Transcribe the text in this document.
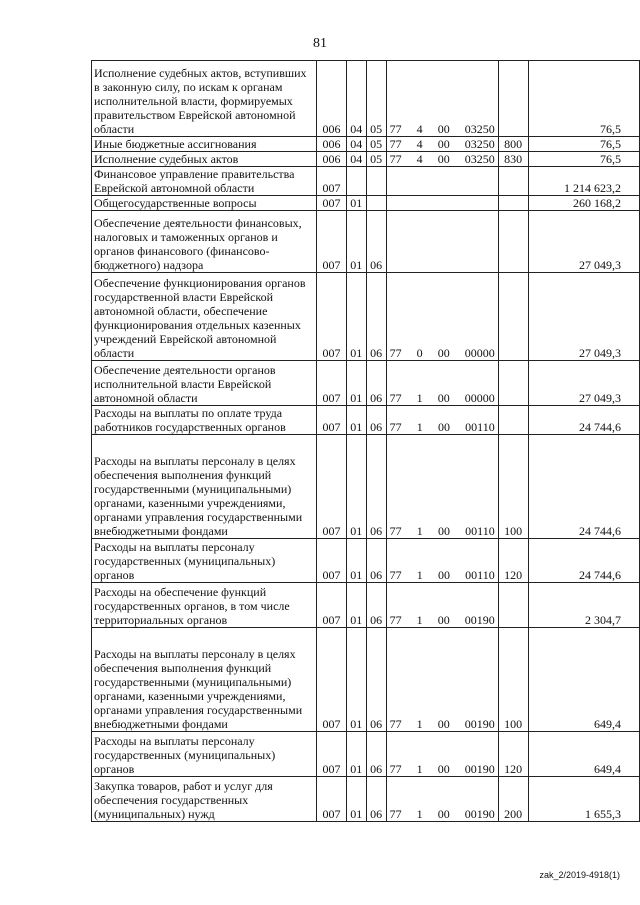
81
Исполнение судебных актов, вступивших в законную силу, по искам к органам исполнительной власти, формируемых правительством Еврейской автономной области	006	04	05	77 4 00 03250		76,5
Иные бюджетные ассигнования	006	04	05	77 4 00 03250	800	76,5
Исполнение судебных актов	006	04	05	77 4 00 03250	830	76,5
Финансовое управление правительства Еврейской автономной области	007					1 214 623,2
Общегосударственные вопросы	007	01				260 168,2
Обеспечение деятельности финансовых, налоговых и таможенных органов и органов финансового (финансово-бюджетного) надзора	007	01	06			27 049,3
Обеспечение функционирования органов государственной власти Еврейской автономной области, обеспечение функционирования отдельных казенных учреждений Еврейской автономной области	007	01	06	77 0 00 00000		27 049,3
Обеспечение деятельности органов исполнительной власти Еврейской автономной области	007	01	06	77 1 00 00000		27 049,3
Расходы на выплаты по оплате труда работников государственных органов	007	01	06	77 1 00 00110		24 744,6
Расходы на выплаты персоналу в целях обеспечения выполнения функций государственными (муниципальными) органами, казенными учреждениями, органами управления государственными внебюджетными фондами	007	01	06	77 1 00 00110	100	24 744,6
Расходы на выплаты персоналу государственных (муниципальных) органов	007	01	06	77 1 00 00110	120	24 744,6
Расходы на обеспечение функций государственных органов, в том числе территориальных органов	007	01	06	77 1 00 00190		2 304,7
Расходы на выплаты персоналу в целях обеспечения выполнения функций государственными (муниципальными) органами, казенными учреждениями, органами управления государственными внебюджетными фондами	007	01	06	77 1 00 00190	100	649,4
Расходы на выплаты персоналу государственных (муниципальных) органов	007	01	06	77 1 00 00190	120	649,4
Закупка товаров, работ и услуг для обеспечения государственных (муниципальных) нужд	007	01	06	77 1 00 00190	200	1 655,3
zak_2/2019-4918(1)
